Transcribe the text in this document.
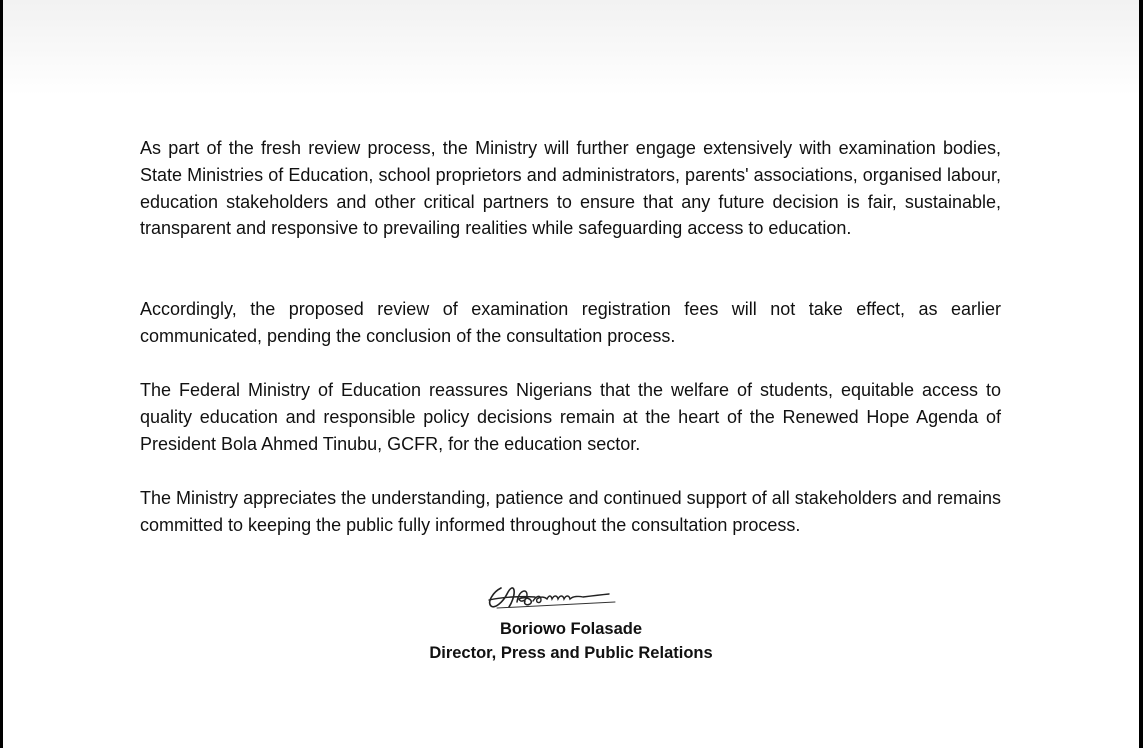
As part of the fresh review process, the Ministry will further engage extensively with examination bodies, State Ministries of Education, school proprietors and administrators, parents' associations, organised labour, education stakeholders and other critical partners to ensure that any future decision is fair, sustainable, transparent and responsive to prevailing realities while safeguarding access to education.

Accordingly, the proposed review of examination registration fees will not take effect, as earlier communicated, pending the conclusion of the consultation process.

The Federal Ministry of Education reassures Nigerians that the welfare of students, equitable access to quality education and responsible policy decisions remain at the heart of the Renewed Hope Agenda of President Bola Ahmed Tinubu, GCFR, for the education sector.

The Ministry appreciates the understanding, patience and continued support of all stakeholders and remains committed to keeping the public fully informed throughout the consultation process.

Boriowo Folasade
Director, Press and Public Relations
